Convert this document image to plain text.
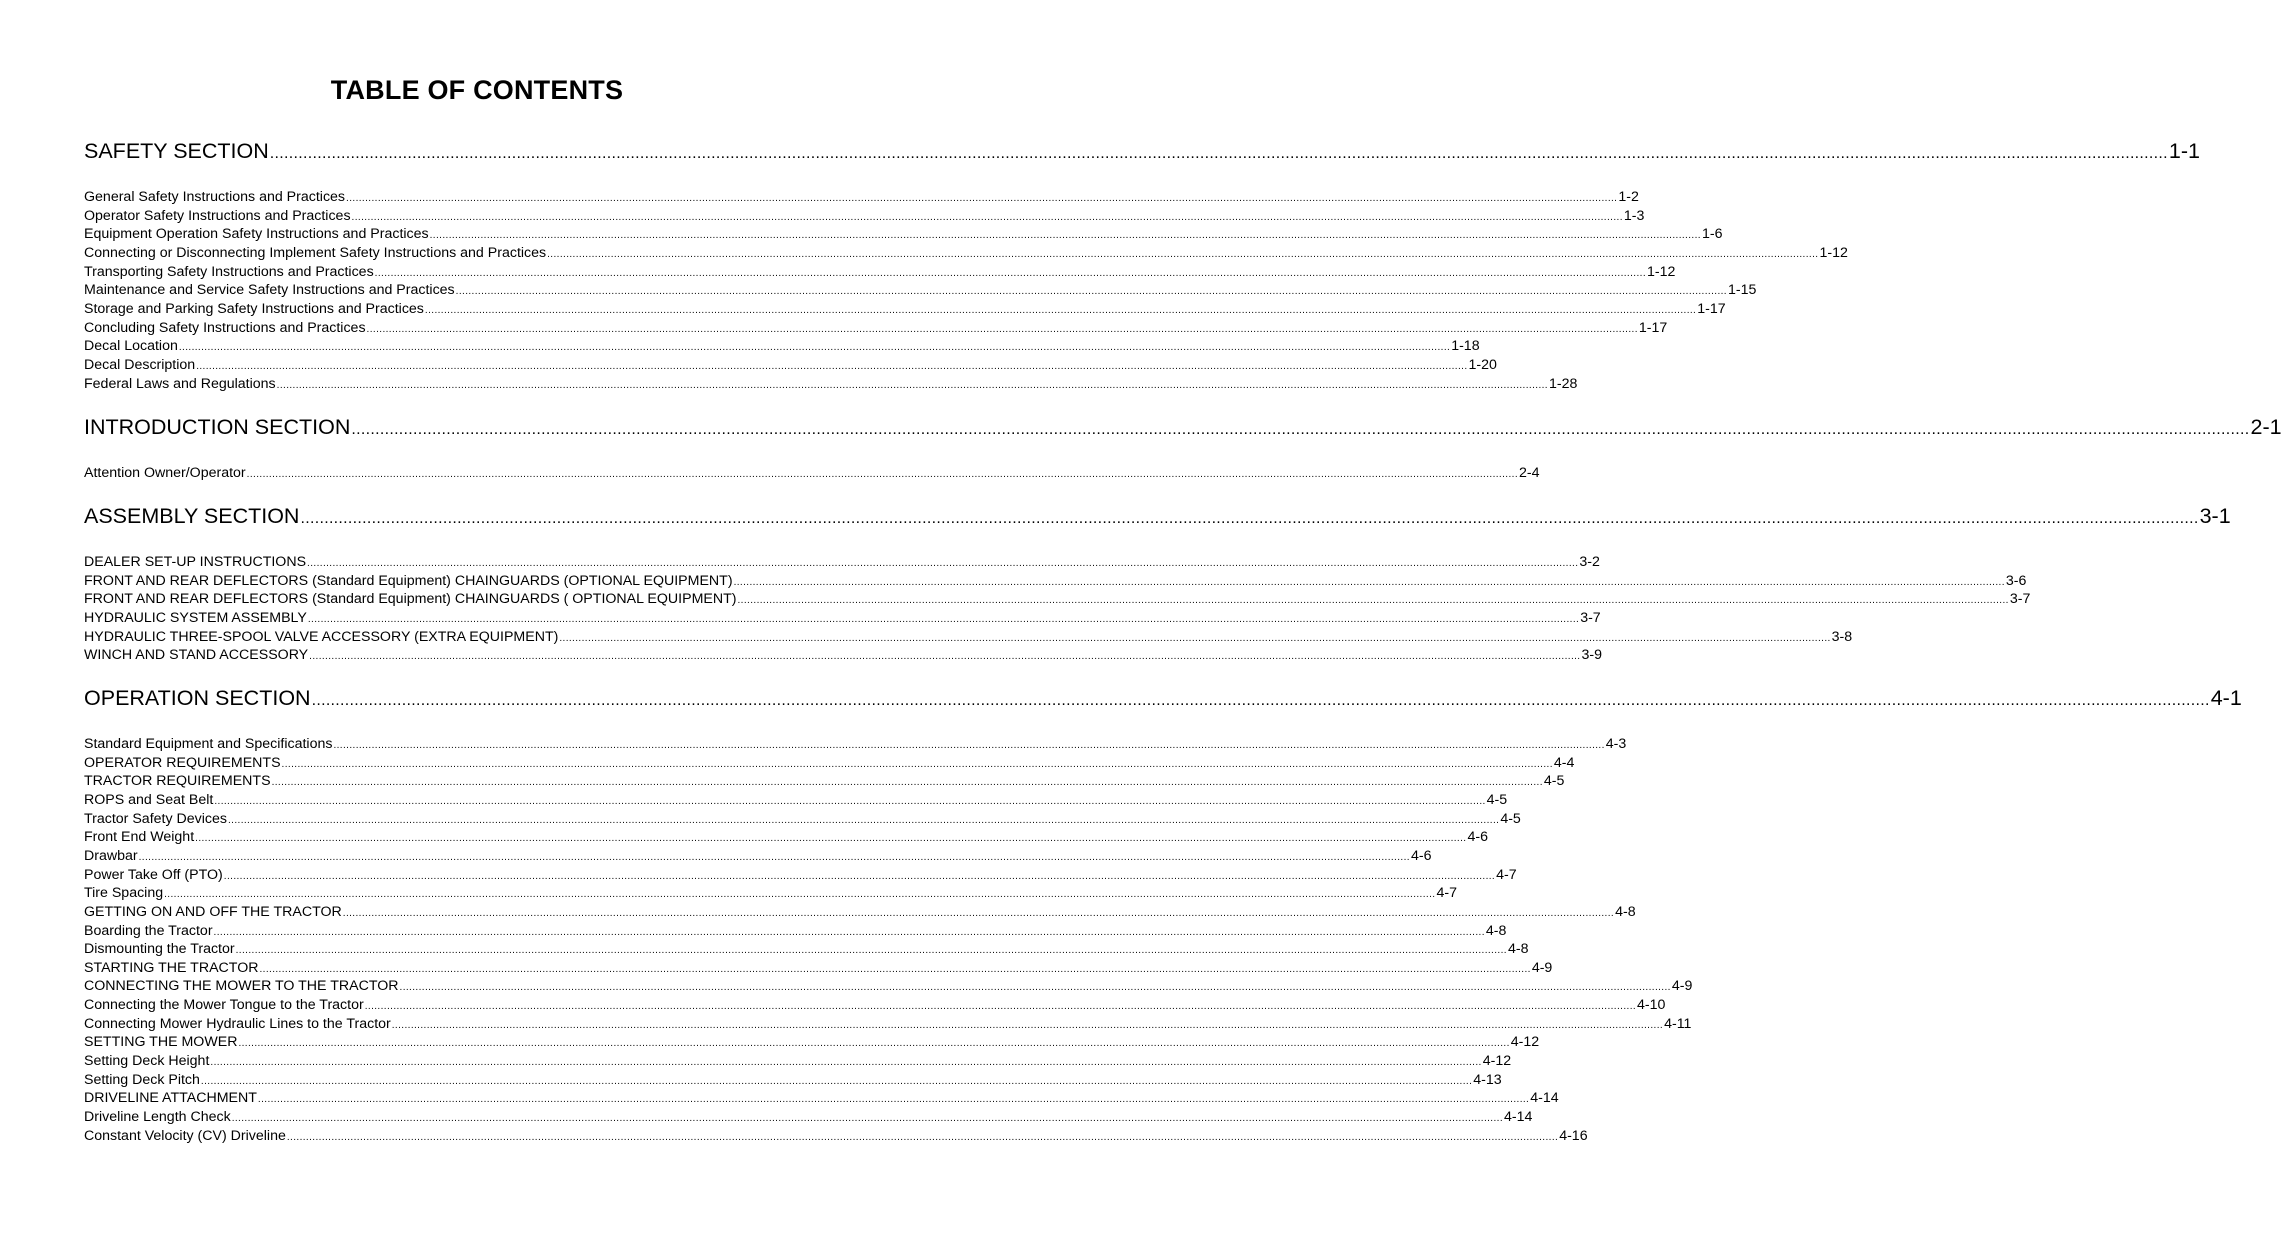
TABLE OF CONTENTS
SAFETY SECTION ................................................................................................................................................................................................................................................................................................................................................................................................................ 1-1
General Safety Instructions and Practices ................................................................................................................................................................................................................................................................................................................................................................................................................ 1-2
Operator Safety Instructions and Practices ................................................................................................................................................................................................................................................................................................................................................................................................................ 1-3
Equipment Operation Safety Instructions and Practices ................................................................................................................................................................................................................................................................................................................................................................................................................ 1-6
Connecting or Disconnecting Implement Safety Instructions and Practices ................................................................................................................................................................................................................................................................................................................................................................................................................ 1-12
Transporting Safety Instructions and Practices ................................................................................................................................................................................................................................................................................................................................................................................................................ 1-12
Maintenance and Service Safety Instructions and Practices ................................................................................................................................................................................................................................................................................................................................................................................................................ 1-15
Storage and Parking Safety Instructions and Practices ................................................................................................................................................................................................................................................................................................................................................................................................................ 1-17
Concluding Safety Instructions and Practices ................................................................................................................................................................................................................................................................................................................................................................................................................ 1-17
Decal Location ................................................................................................................................................................................................................................................................................................................................................................................................................ 1-18
Decal Description ................................................................................................................................................................................................................................................................................................................................................................................................................ 1-20
Federal Laws and Regulations ................................................................................................................................................................................................................................................................................................................................................................................................................ 1-28
INTRODUCTION SECTION ................................................................................................................................................................................................................................................................................................................................................................................................................ 2-1
Attention Owner/Operator ................................................................................................................................................................................................................................................................................................................................................................................................................ 2-4
ASSEMBLY SECTION ................................................................................................................................................................................................................................................................................................................................................................................................................ 3-1
DEALER SET-UP INSTRUCTIONS ................................................................................................................................................................................................................................................................................................................................................................................................................ 3-2
FRONT AND REAR DEFLECTORS (Standard Equipment) CHAINGUARDS (OPTIONAL EQUIPMENT) ................................................................................................................................................................................................................................................................................................................................................................................................................ 3-6
FRONT AND REAR DEFLECTORS (Standard Equipment) CHAINGUARDS ( OPTIONAL EQUIPMENT) ................................................................................................................................................................................................................................................................................................................................................................................................................ 3-7
HYDRAULIC SYSTEM ASSEMBLY ................................................................................................................................................................................................................................................................................................................................................................................................................ 3-7
HYDRAULIC THREE-SPOOL VALVE ACCESSORY (EXTRA EQUIPMENT) ................................................................................................................................................................................................................................................................................................................................................................................................................ 3-8
WINCH AND STAND ACCESSORY ................................................................................................................................................................................................................................................................................................................................................................................................................ 3-9
OPERATION SECTION ................................................................................................................................................................................................................................................................................................................................................................................................................ 4-1
Standard Equipment and Specifications ................................................................................................................................................................................................................................................................................................................................................................................................................ 4-3
OPERATOR REQUIREMENTS ................................................................................................................................................................................................................................................................................................................................................................................................................ 4-4
TRACTOR REQUIREMENTS ................................................................................................................................................................................................................................................................................................................................................................................................................ 4-5
ROPS and Seat Belt ................................................................................................................................................................................................................................................................................................................................................................................................................ 4-5
Tractor Safety Devices ................................................................................................................................................................................................................................................................................................................................................................................................................ 4-5
Front End Weight ................................................................................................................................................................................................................................................................................................................................................................................................................ 4-6
Drawbar ................................................................................................................................................................................................................................................................................................................................................................................................................ 4-6
Power Take Off (PTO) ................................................................................................................................................................................................................................................................................................................................................................................................................ 4-7
Tire Spacing ................................................................................................................................................................................................................................................................................................................................................................................................................ 4-7
GETTING ON AND OFF THE TRACTOR ................................................................................................................................................................................................................................................................................................................................................................................................................ 4-8
Boarding the Tractor ................................................................................................................................................................................................................................................................................................................................................................................................................ 4-8
Dismounting the Tractor ................................................................................................................................................................................................................................................................................................................................................................................................................ 4-8
STARTING THE TRACTOR ................................................................................................................................................................................................................................................................................................................................................................................................................ 4-9
CONNECTING THE MOWER TO THE TRACTOR ................................................................................................................................................................................................................................................................................................................................................................................................................ 4-9
Connecting the Mower Tongue to the Tractor ................................................................................................................................................................................................................................................................................................................................................................................................................ 4-10
Connecting Mower Hydraulic Lines to the Tractor ................................................................................................................................................................................................................................................................................................................................................................................................................ 4-11
SETTING THE MOWER ................................................................................................................................................................................................................................................................................................................................................................................................................ 4-12
Setting Deck Height ................................................................................................................................................................................................................................................................................................................................................................................................................ 4-12
Setting Deck Pitch ................................................................................................................................................................................................................................................................................................................................................................................................................ 4-13
DRIVELINE ATTACHMENT ................................................................................................................................................................................................................................................................................................................................................................................................................ 4-14
Driveline Length Check ................................................................................................................................................................................................................................................................................................................................................................................................................ 4-14
Constant Velocity (CV) Driveline ................................................................................................................................................................................................................................................................................................................................................................................................................ 4-16
